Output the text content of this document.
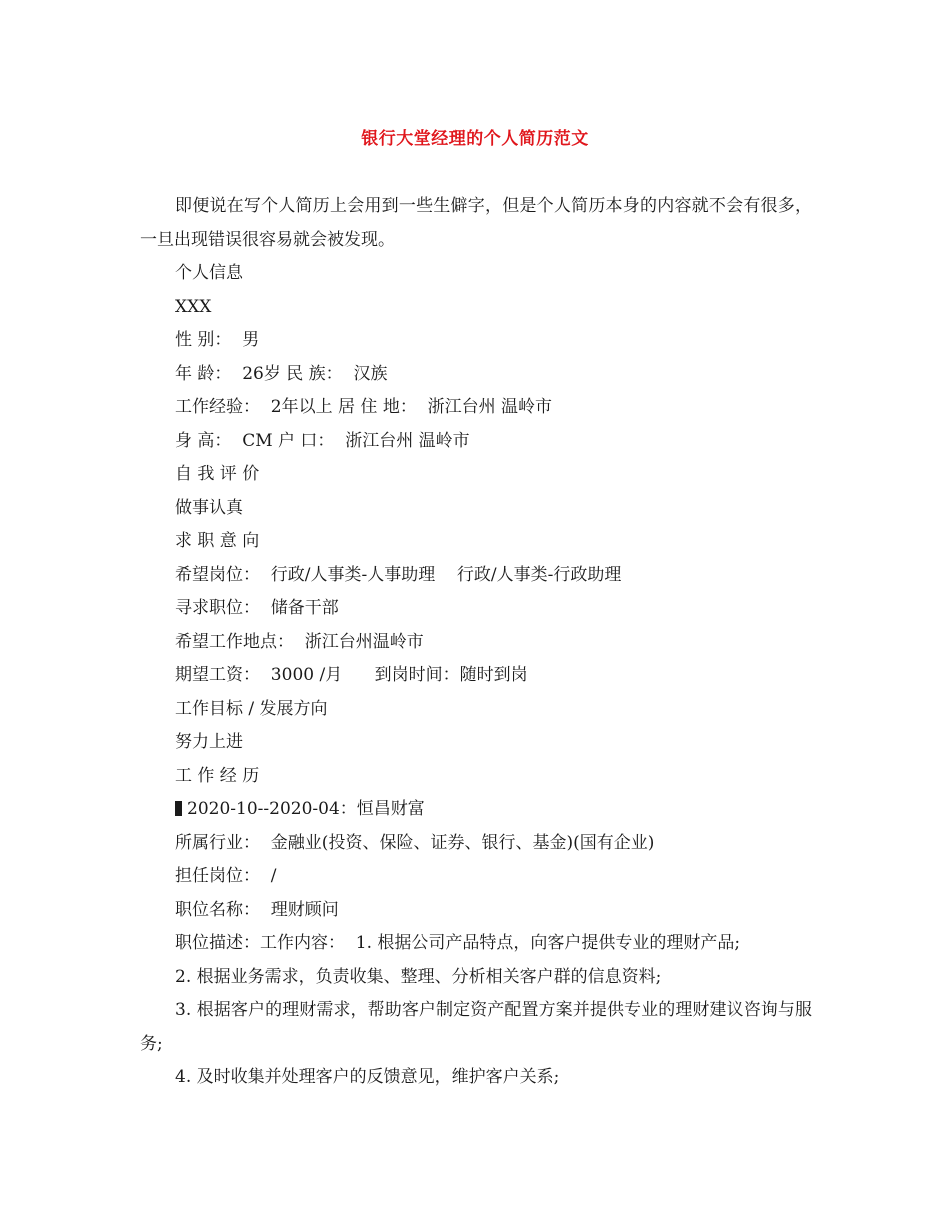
银行大堂经理的个人简历范文
即便说在写个人简历上会用到一些生僻字，但是个人简历本身的内容就不会有很多，一旦出现错误很容易就会被发现。
个人信息
XXX
性 别：  男
年 龄：  26岁 民 族：  汉族
工作经验：  2年以上 居 住 地：  浙江台州 温岭市
身 高：  CM 户 口：  浙江台州 温岭市
自 我 评 价
做事认真
求 职 意 向
希望岗位：  行政/人事类-人事助理    行政/人事类-行政助理
寻求职位：  储备干部
希望工作地点：  浙江台州温岭市
期望工资：  3000 /月      到岗时间：随时到岗
工作目标 / 发展方向
努力上进
工 作 经 历
2020-10--2020-04：恒昌财富
所属行业：  金融业(投资、保险、证券、银行、基金)(国有企业)
担任岗位：  /
职位名称：  理财顾问
职位描述：工作内容：  1. 根据公司产品特点，向客户提供专业的理财产品;
2. 根据业务需求，负责收集、整理、分析相关客户群的信息资料;
3. 根据客户的理财需求，帮助客户制定资产配置方案并提供专业的理财建议咨询与服务;
4. 及时收集并处理客户的反馈意见，维护客户关系;
